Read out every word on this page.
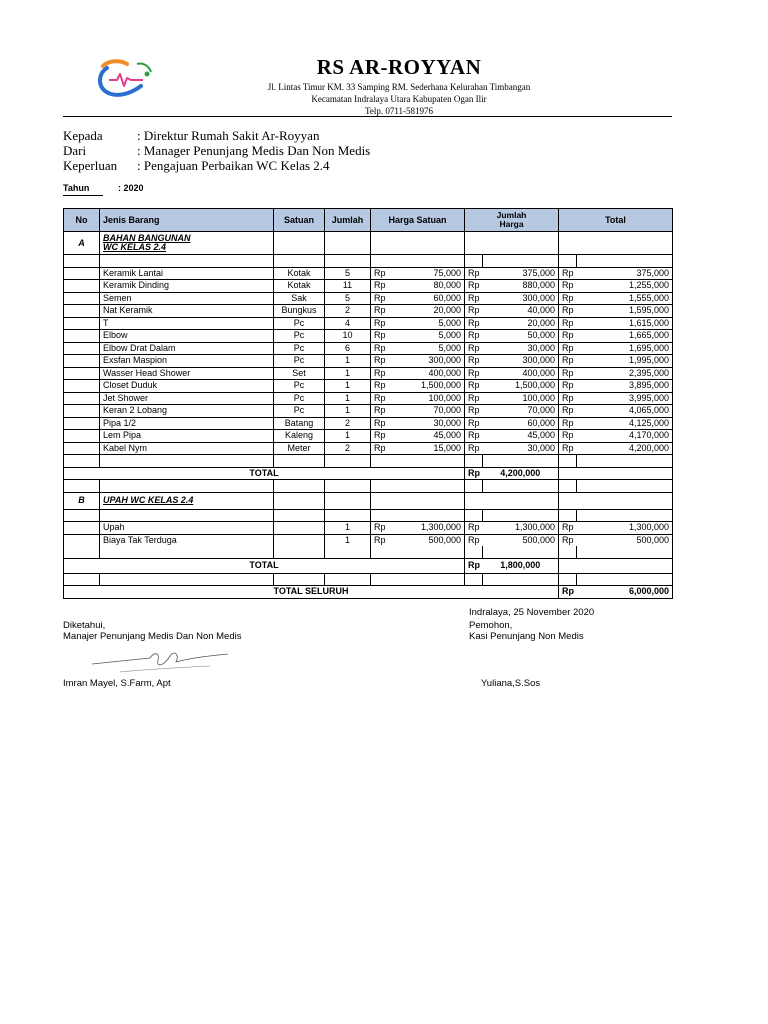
RS AR-ROYYAN
Jl. Lintas Timur KM. 33 Samping RM. Sederhana Kelurahan Timbangan
Kecamatan Indralaya Utara Kabupaten Ogan Ilir
Telp. 0711-581976
Kepada	: Direktur Rumah Sakit Ar-Royyan
Dari	: Manager Penunjang Medis Dan Non Medis
Keperluan : Pengajuan Perbaikan WC Kelas 2.4
Tahun	: 2020
No	Jenis Barang	Satuan	Jumlah	Harga Satuan		Jumlah Harga		Total	
A	BAHAN BANGUNAN
WC KELAS 2.4								

	Keramik Lantai	Kotak	5	Rp	75,000	Rp	375,000	Rp	375,000
	Keramik Dinding	Kotak	11	Rp	80,000	Rp	880,000	Rp	1,255,000
	Semen	Sak	5	Rp	60,000	Rp	300,000	Rp	1,555,000
	Nat Keramik	Bungkus	2	Rp	20,000	Rp	40,000	Rp	1,595,000
	T	Pc	4	Rp	5,000	Rp	20,000	Rp	1,615,000
	Elbow	Pc	10	Rp	5,000	Rp	50,000	Rp	1,665,000
	Elbow Drat Dalam	Pc	6	Rp	5,000	Rp	30,000	Rp	1,695,000
	Exsfan Maspion	Pc	1	Rp	300,000	Rp	300,000	Rp	1,995,000
	Wasser Head Shower	Set	1	Rp	400,000	Rp	400,000	Rp	2,395,000
	Closet Duduk	Pc	1	Rp	1,500,000	Rp	1,500,000	Rp	3,895,000
	Jet Shower	Pc	1	Rp	100,000	Rp	100,000	Rp	3,995,000
	Keran 2 Lobang	Pc	1	Rp	70,000	Rp	70,000	Rp	4,065,000
	Pipa 1/2	Batang	2	Rp	30,000	Rp	60,000	Rp	4,125,000
	Lem Pipa	Kaleng	1	Rp	45,000	Rp	45,000	Rp	4,170,000
	Kabel Nym	Meter	2	Rp	15,000	Rp	30,000	Rp	4,200,000

TOTAL						Rp	4,200,000		

B	UPAH WC KELAS 2.4								

	Upah		1	Rp	1,300,000	Rp	1,300,000	Rp	1,300,000
	Biaya Tak Terduga		1	Rp	500,000	Rp	500,000	Rp	500,000

TOTAL						Rp	1,800,000		

TOTAL SELURUH								Rp	6,000,000
Indralaya, 25 November 2020
Diketahui,
Manajer Penunjang Medis Dan Non Medis
Pemohon,
Kasi Penunjang Non Medis
Imran Mayel, S.Farm, Apt	Yuliana,S.Sos
